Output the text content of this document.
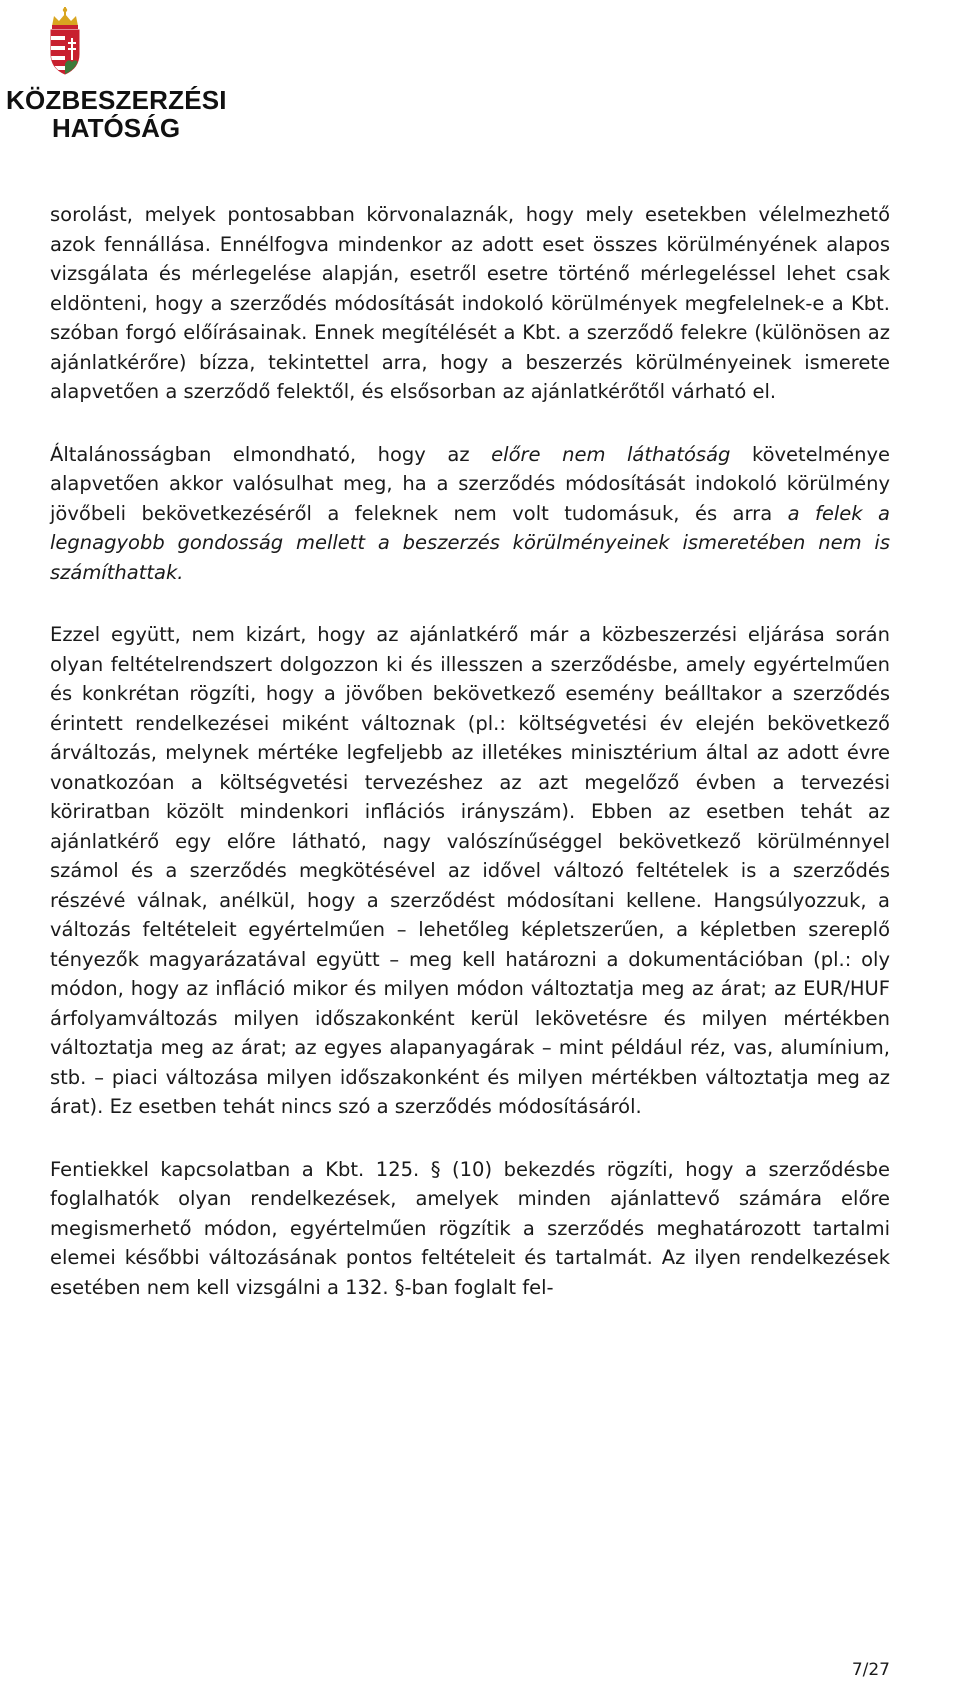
KÖZBESZERZÉSI
HATÓSÁG

sorolást, melyek pontosabban körvonalaznák, hogy mely esetekben vélelmezhető azok fennállása. Ennélfogva mindenkor az adott eset összes körülményének alapos vizsgálata és mérlegelése alapján, esetről esetre történő mérlegeléssel lehet csak eldönteni, hogy a szerződés módosítását indokoló körülmények megfelelnek-e a Kbt. szóban forgó előírásainak. Ennek megítélését a Kbt. a szerződő felekre (különösen az ajánlatkérőre) bízza, tekintettel arra, hogy a beszerzés körülményeinek ismerete alapvetően a szerződő felektől, és elsősorban az ajánlatkérőtől várható el.

Általánosságban elmondható, hogy az előre nem láthatóság követelménye alapvetően akkor valósulhat meg, ha a szerződés módosítását indokoló körülmény jövőbeli bekövetkezéséről a feleknek nem volt tudomásuk, és arra a felek a legnagyobb gondosság mellett a beszerzés körülményeinek ismeretében nem is számíthattak.

Ezzel együtt, nem kizárt, hogy az ajánlatkérő már a közbeszerzési eljárása során olyan feltételrendszert dolgozzon ki és illesszen a szerződésbe, amely egyértelműen és konkrétan rögzíti, hogy a jövőben bekövetkező esemény beálltakor a szerződés érintett rendelkezései miként változnak (pl.: költségvetési év elején bekövetkező árváltozás, melynek mértéke legfeljebb az illetékes minisztérium által az adott évre vonatkozóan a költségvetési tervezéshez az azt megelőző évben a tervezési köriratban közölt mindenkori inflációs irányszám). Ebben az esetben tehát az ajánlatkérő egy előre látható, nagy valószínűséggel bekövetkező körülménnyel számol és a szerződés megkötésével az idővel változó feltételek is a szerződés részévé válnak, anélkül, hogy a szerződést módosítani kellene. Hangsúlyozzuk, a változás feltételeit egyértelműen – lehetőleg képletszerűen, a képletben szereplő tényezők magyarázatával együtt – meg kell határozni a dokumentációban (pl.: oly módon, hogy az infláció mikor és milyen módon változtatja meg az árat; az EUR/HUF árfolyamváltozás milyen időszakonként kerül lekövetésre és milyen mértékben változtatja meg az árat; az egyes alapanyagárak – mint például réz, vas, alumínium, stb. – piaci változása milyen időszakonként és milyen mértékben változtatja meg az árat). Ez esetben tehát nincs szó a szerződés módosításáról.

Fentiekkel kapcsolatban a Kbt. 125. § (10) bekezdés rögzíti, hogy a szerződésbe foglalhatók olyan rendelkezések, amelyek minden ajánlattevő számára előre megismerhető módon, egyértelműen rögzítik a szerződés meghatározott tartalmi elemei későbbi változásának pontos feltételeit és tartalmát. Az ilyen rendelkezések esetében nem kell vizsgálni a 132. §-ban foglalt fel-

7/27
